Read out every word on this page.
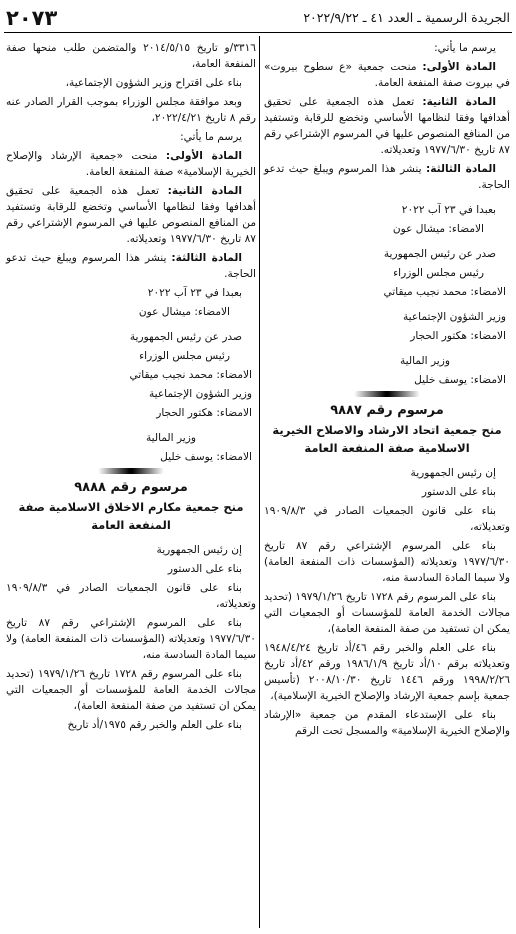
الجريدة الرسمية ـ العدد ٤١ ـ ٢٠٢٢/٩/٢٢
٢٠٧٣

يرسم ما يأتي:

المادة الأولى: منحت جمعية «ع سطوح بيروت» في بيروت صفة المنفعة العامة.

المادة الثانية: تعمل هذه الجمعية على تحقيق أهدافها وفقا لنظامها الأساسي وتخضع للرقابة وتستفيد من المنافع المنصوص عليها في المرسوم الإشتراعي رقم ٨٧ تاريخ ١٩٧٧/٦/٣٠ وتعديلاته.

المادة الثالثة: ينشر هذا المرسوم ويبلغ حيث تدعو الحاجة.

بعبدا في ٢٣ آب ٢٠٢٢

الامضاء: ميشال عون

صدر عن رئيس الجمهورية

رئيس مجلس الوزراء

الامضاء: محمد نجيب ميقاتي

وزير الشؤون الإجتماعية

الامضاء: هكتور الحجار

وزير المالية

الامضاء: يوسف خليل

مرسوم رقم ٩٨٨٧
منح جمعية اتحاد الارشاد والاصلاح الخيرية الاسلامية صفة المنفعة العامة

إن رئيس الجمهورية

بناء على الدستور

بناء على قانون الجمعيات الصادر في ١٩٠٩/٨/٣ وتعديلاته،

بناء على المرسوم الإشتراعي رقم ٨٧ تاريخ ١٩٧٧/٦/٣٠ وتعديلاته (المؤسسات ذات المنفعة العامة) ولا سيما المادة السادسة منه،

بناء على المرسوم رقم ١٧٢٨ تاريخ ١٩٧٩/١/٢٦ (تحديد مجالات الخدمة العامة للمؤسسات أو الجمعيات التي يمكن ان تستفيد من صفة المنفعة العامة)،

بناء على العلم والخبر رقم ٤٦/أد تاريخ ١٩٤٨/٤/٢٤ وتعديلاته برقم ١٠/أد تاريخ ١٩٨٦/١/٩ ورقم ٤٢/أد تاريخ ١٩٩٨/٢/٢٦ ورقم ١٤٤٦ تاريخ ٢٠٠٨/١٠/٣٠ (تأسيس جمعية بإسم جمعية الإرشاد والإصلاح الخيرية الإسلامية)،

بناء على الإستدعاء المقدم من جمعية «الإرشاد والإصلاح الخيرية الإسلامية» والمسجل تحت الرقم

٣٣١٦/و تاريخ ٢٠١٤/٥/١٥ والمتضمن طلب منحها صفة المنفعة العامة،

بناء على اقتراح وزير الشؤون الإجتماعية،

وبعد موافقة مجلس الوزراء بموجب القرار الصادر عنه رقم ٨ تاريخ ٢٠٢٢/٤/٢١،

يرسم ما يأتي:

المادة الأولى: منحت «جمعية الإرشاد والإصلاح الخيرية الإسلامية» صفة المنفعة العامة.

المادة الثانية: تعمل هذه الجمعية على تحقيق أهدافها وفقا لنظامها الأساسي وتخضع للرقابة وتستفيد من المنافع المنصوص عليها في المرسوم الإشتراعي رقم ٨٧ تاريخ ١٩٧٧/٦/٣٠ وتعديلاته.

المادة الثالثة: ينشر هذا المرسوم ويبلغ حيث تدعو الحاجة.

بعبدا في ٢٣ آب ٢٠٢٢

الامضاء: ميشال عون

صدر عن رئيس الجمهورية

رئيس مجلس الوزراء

الامضاء: محمد نجيب ميقاتي

وزير الشؤون الإجتماعية

الامضاء: هكتور الحجار

وزير المالية

الامضاء: يوسف خليل

مرسوم رقم ٩٨٨٨
منح جمعية مكارم الاخلاق الاسلامية صفة المنفعة العامة

إن رئيس الجمهورية

بناء على الدستور

بناء على قانون الجمعيات الصادر في ١٩٠٩/٨/٣ وتعديلاته،

بناء على المرسوم الإشتراعي رقم ٨٧ تاريخ ١٩٧٧/٦/٣٠ وتعديلاته (المؤسسات ذات المنفعة العامة) ولا سيما المادة السادسة منه،

بناء على المرسوم رقم ١٧٢٨ تاريخ ١٩٧٩/١/٢٦ (تحديد مجالات الخدمة العامة للمؤسسات أو الجمعيات التي يمكن ان تستفيد من صفة المنفعة العامة)،

بناء على العلم والخبر رقم ١٩٧٥/أد تاريخ
